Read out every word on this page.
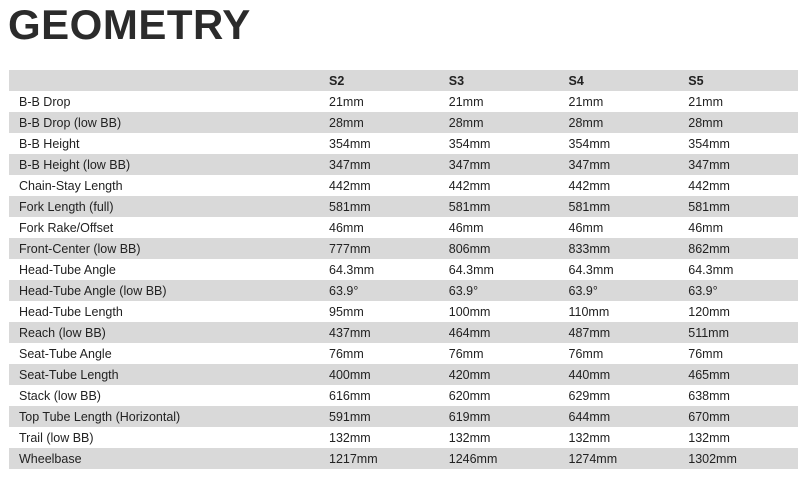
GEOMETRY
	S2	S3	S4	S5
B-B Drop	21mm	21mm	21mm	21mm
B-B Drop (low BB)	28mm	28mm	28mm	28mm
B-B Height	354mm	354mm	354mm	354mm
B-B Height (low BB)	347mm	347mm	347mm	347mm
Chain-Stay Length	442mm	442mm	442mm	442mm
Fork Length (full)	581mm	581mm	581mm	581mm
Fork Rake/Offset	46mm	46mm	46mm	46mm
Front-Center (low BB)	777mm	806mm	833mm	862mm
Head-Tube Angle	64.3mm	64.3mm	64.3mm	64.3mm
Head-Tube Angle (low BB)	63.9°	63.9°	63.9°	63.9°
Head-Tube Length	95mm	100mm	110mm	120mm
Reach (low BB)	437mm	464mm	487mm	511mm
Seat-Tube Angle	76mm	76mm	76mm	76mm
Seat-Tube Length	400mm	420mm	440mm	465mm
Stack (low BB)	616mm	620mm	629mm	638mm
Top Tube Length (Horizontal)	591mm	619mm	644mm	670mm
Trail (low BB)	132mm	132mm	132mm	132mm
Wheelbase	1217mm	1246mm	1274mm	1302mm
